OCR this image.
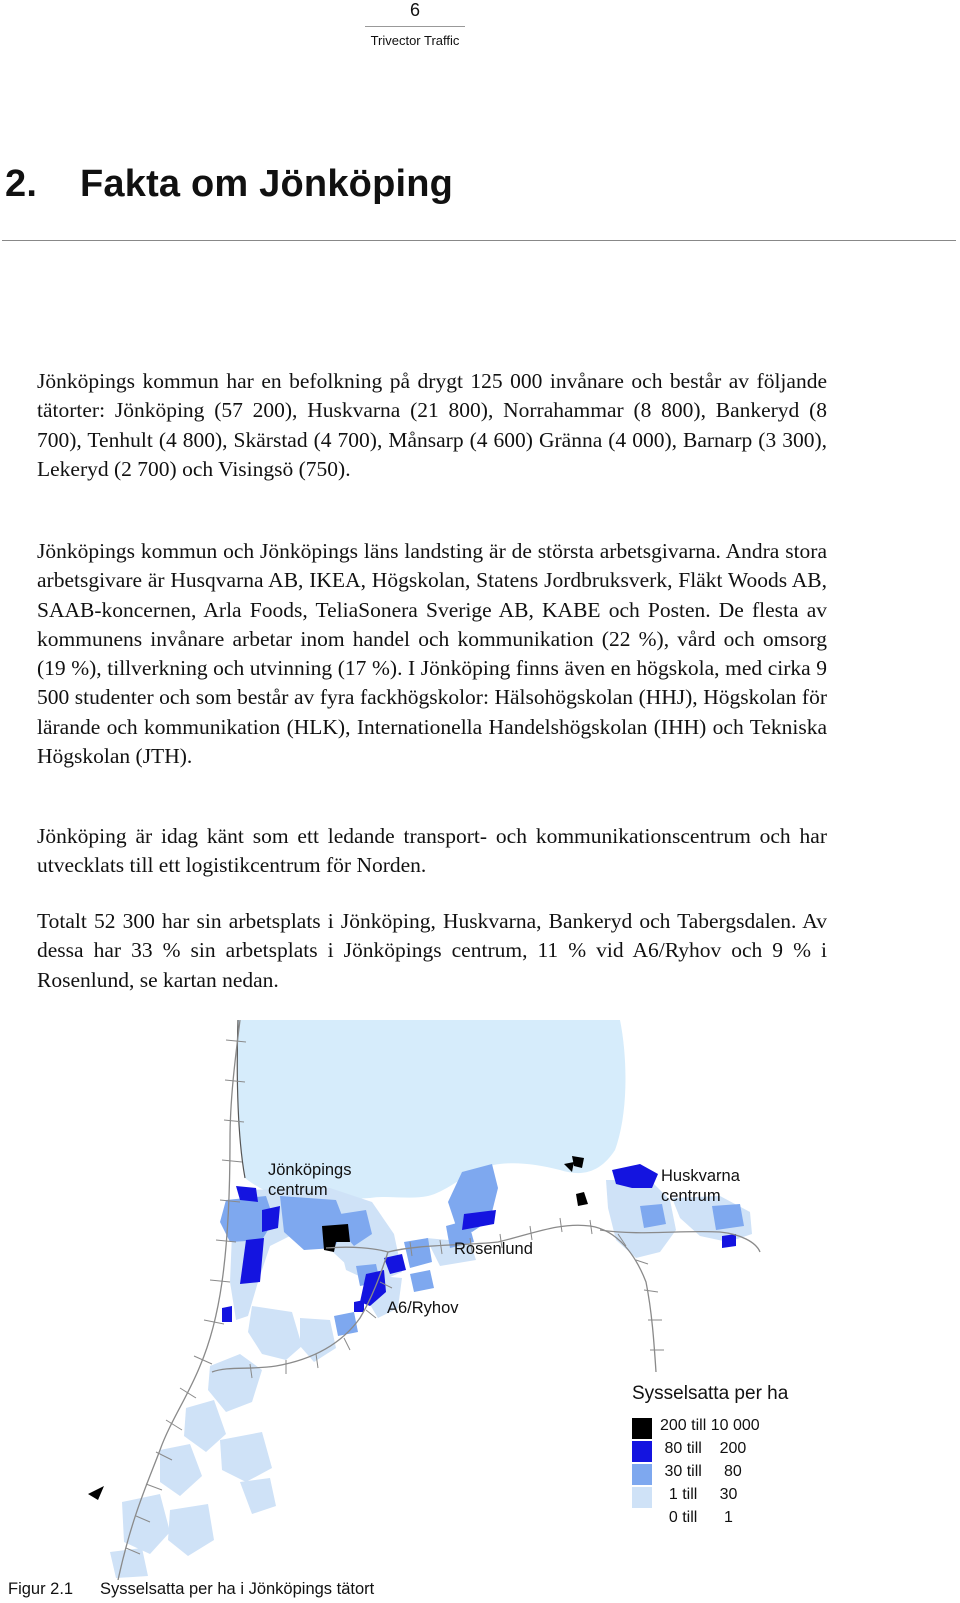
6
Trivector Traffic
2. Fakta om Jönköping

Jönköpings kommun har en befolkning på drygt 125 000 invånare och består av följande tätorter: Jönköping (57 200), Huskvarna (21 800), Norrahammar (8 800), Bankeryd (8 700), Tenhult (4 800), Skärstad (4 700), Månsarp (4 600) Gränna (4 000), Barnarp (3 300), Lekeryd (2 700) och Visingsö (750).

Jönköpings kommun och Jönköpings läns landsting är de största arbetsgivarna. Andra stora arbetsgivare är Husqvarna AB, IKEA, Högskolan, Statens Jordbruksverk, Fläkt Woods AB, SAAB-koncernen, Arla Foods, TeliaSonera Sverige AB, KABE och Posten. De flesta av kommunens invånare arbetar inom handel och kommunikation (22 %), vård och omsorg (19 %), tillverkning och utvinning (17 %). I Jönköping finns även en högskola, med cirka 9 500 studenter och som består av fyra fackhögskolor: Hälsohögskolan (HHJ), Högskolan för lärande och kommunikation (HLK), Internationella Handelshögskolan (IHH) och Tekniska Högskolan (JTH).

Jönköping är idag känt som ett ledande transport- och kommunikationscentrum och har utvecklats till ett logistikcentrum för Norden.

Totalt 52 300 har sin arbetsplats i Jönköping, Huskvarna, Bankeryd och Tabergsdalen. Av dessa har 33 % sin arbetsplats i Jönköpings centrum, 11 % vid A6/Ryhov och 9 % i Rosenlund, se kartan nedan.

Jönköpings
centrum
Huskvarna
centrum
Rosenlund
A6/Ryhov
Sysselsatta per ha
200 till 10 000
80 till    200
30 till     80
1 till     30
0 till      1
Figur 2.1 Sysselsatta per ha i Jönköpings tätort
